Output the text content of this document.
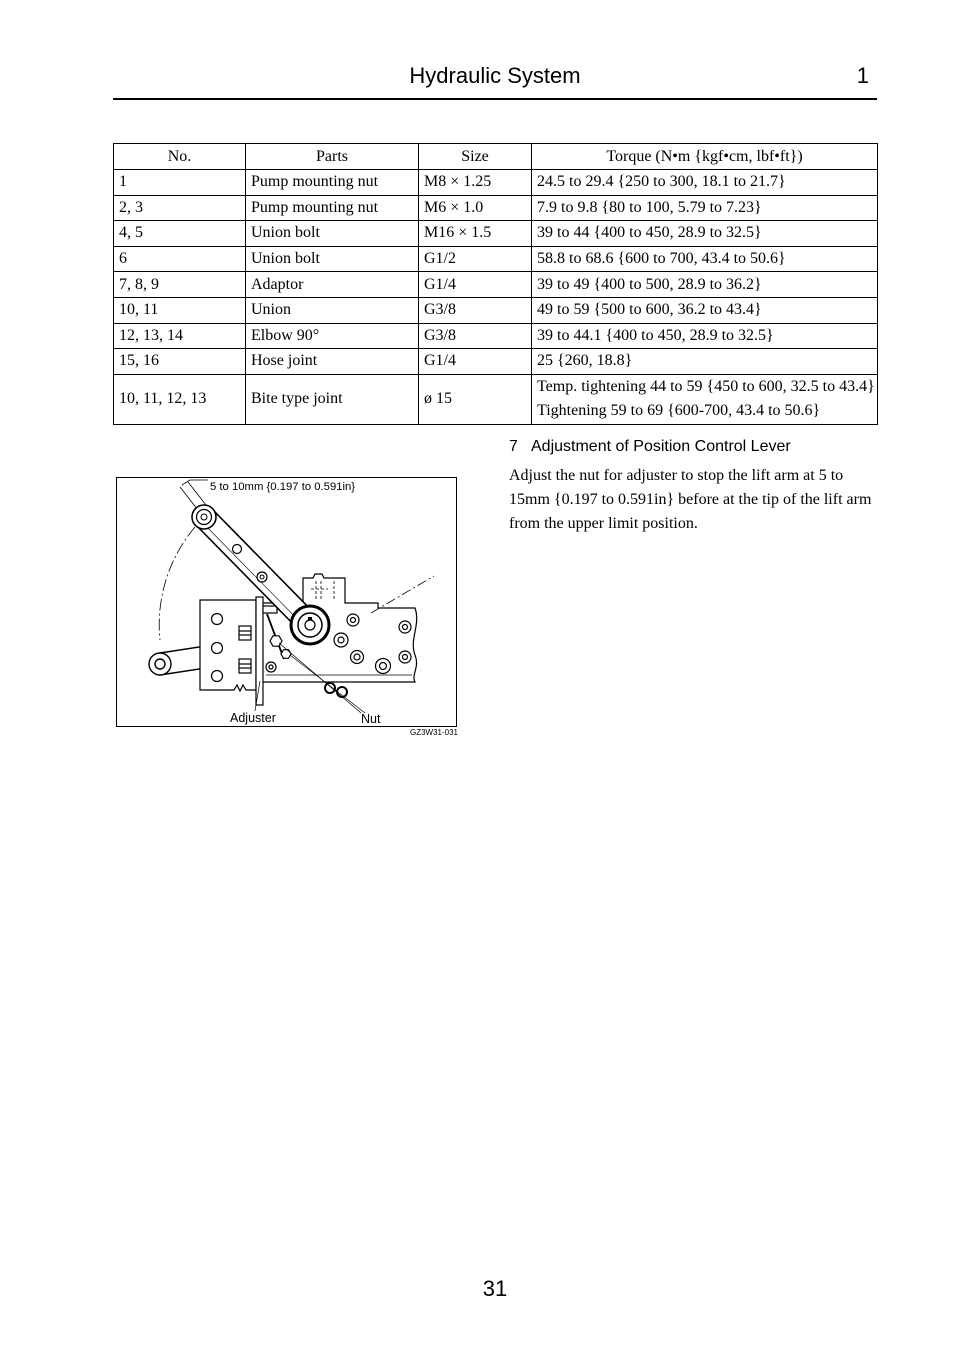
Hydraulic System	1
No.	Parts	Size	Torque (N•m {kgf•cm, lbf•ft})
1	Pump mounting nut	M8 × 1.25	24.5 to 29.4 {250 to 300, 18.1 to 21.7}
2, 3	Pump mounting nut	M6 × 1.0	7.9 to 9.8 {80 to 100, 5.79 to 7.23}
4, 5	Union bolt	M16 × 1.5	39 to 44 {400 to 450, 28.9 to 32.5}
6	Union bolt	G1/2	58.8 to 68.6 {600 to 700, 43.4 to 50.6}
7, 8, 9	Adaptor	G1/4	39 to 49 {400 to 500, 28.9 to 36.2}
10, 11	Union	G3/8	49 to 59 {500 to 600, 36.2 to 43.4}
12, 13, 14	Elbow 90°	G3/8	39 to 44.1 {400 to 450, 28.9 to 32.5}
15, 16	Hose joint	G1/4	25 {260, 18.8}
10, 11, 12, 13	Bite type joint	ø 15	Temp. tightening 44 to 59 {450 to 600, 32.5 to 43.4}
Tightening 59 to 69 {600-700, 43.4 to 50.6}
5 to 10mm {0.197 to 0.591in}
Adjuster	Nut
GZ3W31-031
7 Adjustment of Position Control Lever
Adjust the nut for adjuster to stop the lift arm at 5 to
15mm {0.197 to 0.591in} before at the tip of the lift arm
from the upper limit position.
31
